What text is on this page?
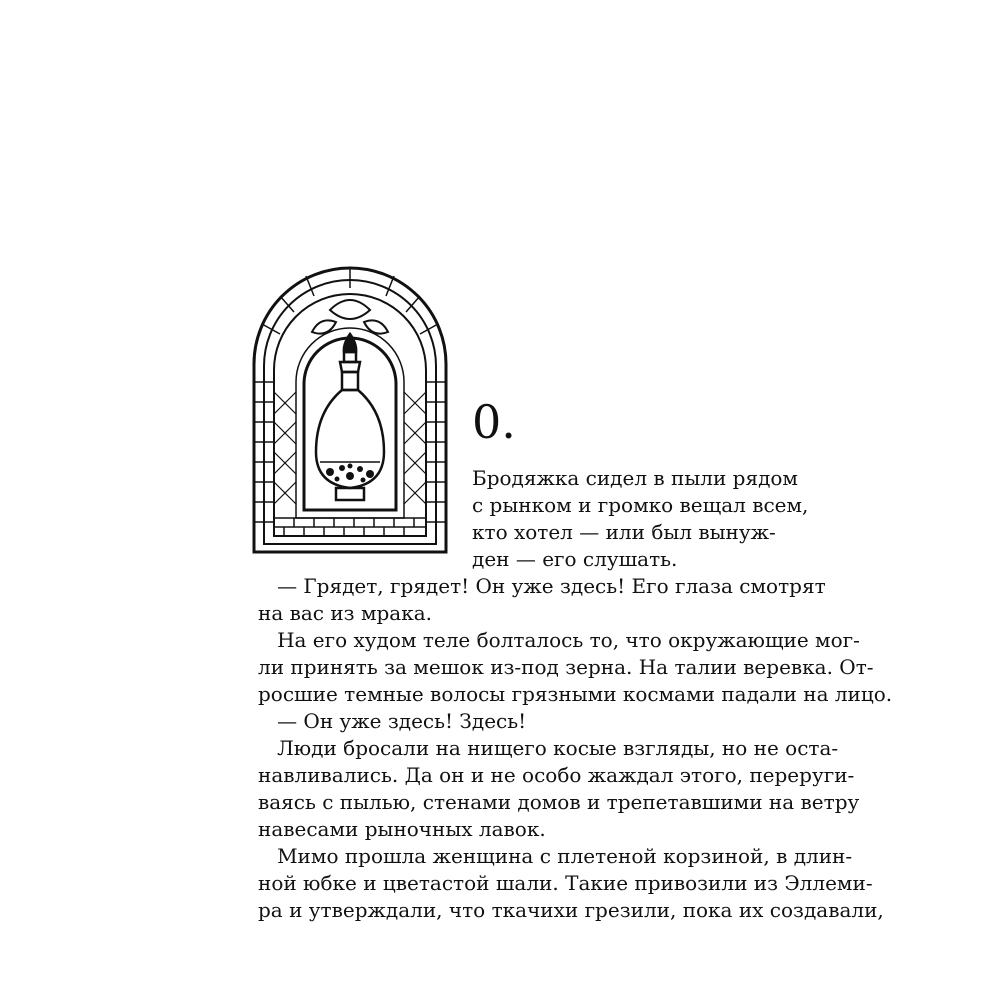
0.

Бродяжка сидел в пыли рядом

с рынком и громко вещал всем,

кто хотел — или был вынуж-

ден — его слушать.

— Грядет, грядет! Он уже здесь! Его глаза смотрят

на вас из мрака.

На его худом теле болталось то, что окружающие мог-

ли принять за мешок из-под зерна. На талии веревка. От-

росшие темные волосы грязными космами падали на лицо.

— Он уже здесь! Здесь!

Люди бросали на нищего косые взгляды, но не оста-

навливались. Да он и не особо жаждал этого, переруги-

ваясь с пылью, стенами домов и трепетавшими на ветру

навесами рыночных лавок.

Мимо прошла женщина с плетеной корзиной, в длин-

ной юбке и цветастой шали. Такие привозили из Эллеми-

ра и утверждали, что ткачихи грезили, пока их создавали,
